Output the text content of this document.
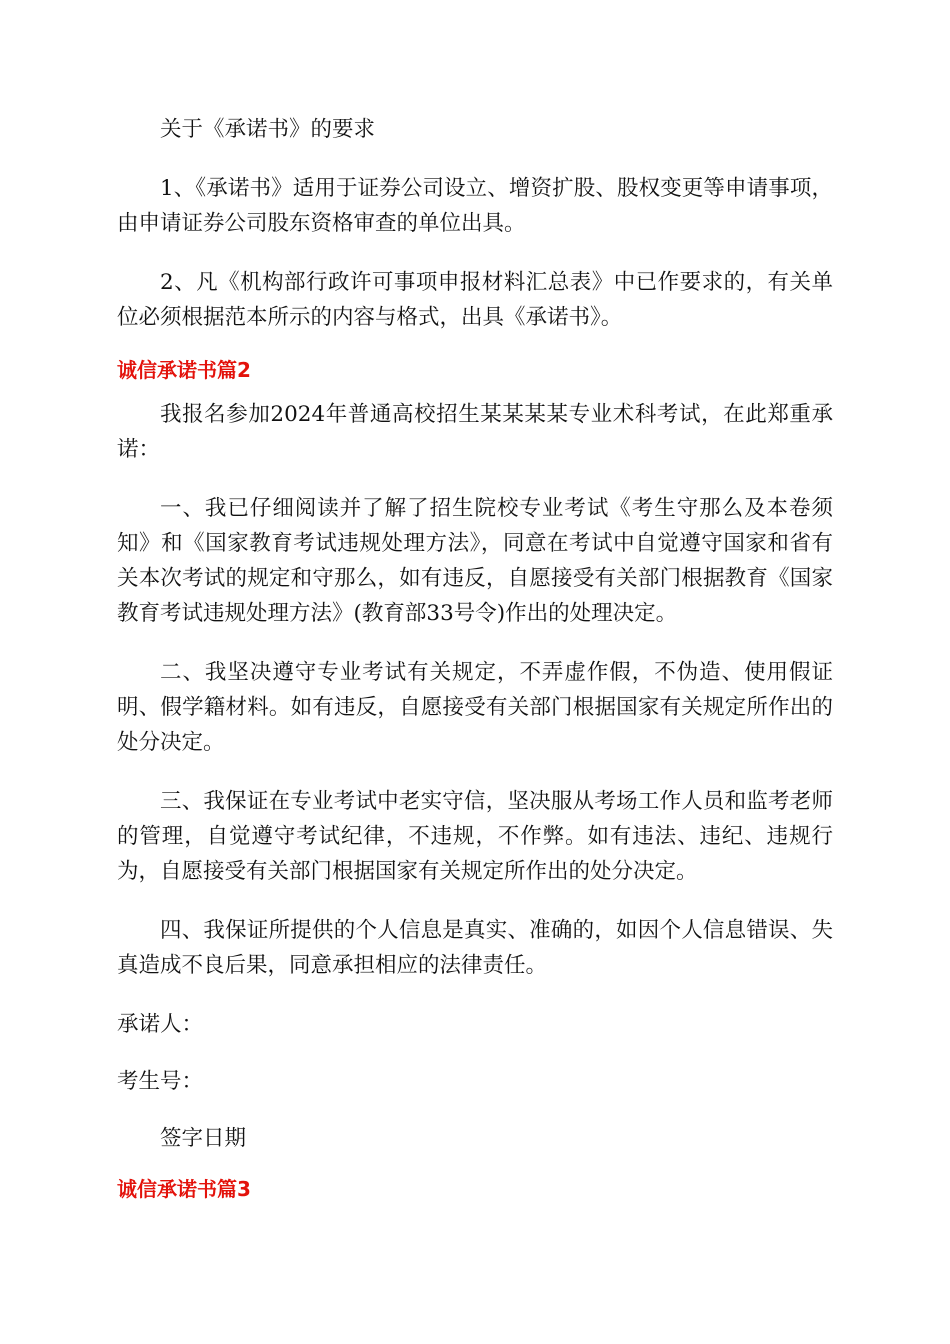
关于《承诺书》的要求

1、《承诺书》适用于证券公司设立、增资扩股、股权变更等申请事项，由申请证券公司股东资格审查的单位出具。

2、凡《机构部行政许可事项申报材料汇总表》中已作要求的，有关单位必须根据范本所示的内容与格式，出具《承诺书》。

诚信承诺书篇2

我报名参加2024年普通高校招生某某某某专业术科考试，在此郑重承诺：

一、我已仔细阅读并了解了招生院校专业考试《考生守那么及本卷须知》和《国家教育考试违规处理方法》，同意在考试中自觉遵守国家和省有关本次考试的规定和守那么，如有违反，自愿接受有关部门根据教育《国家教育考试违规处理方法》(教育部33号令)作出的处理决定。

二、我坚决遵守专业考试有关规定，不弄虚作假，不伪造、使用假证明、假学籍材料。如有违反，自愿接受有关部门根据国家有关规定所作出的处分决定。

三、我保证在专业考试中老实守信，坚决服从考场工作人员和监考老师的管理，自觉遵守考试纪律，不违规，不作弊。如有违法、违纪、违规行为，自愿接受有关部门根据国家有关规定所作出的处分决定。

四、我保证所提供的个人信息是真实、准确的，如因个人信息错误、失真造成不良后果，同意承担相应的法律责任。

承诺人：
考生号：
签字日期
诚信承诺书篇3
